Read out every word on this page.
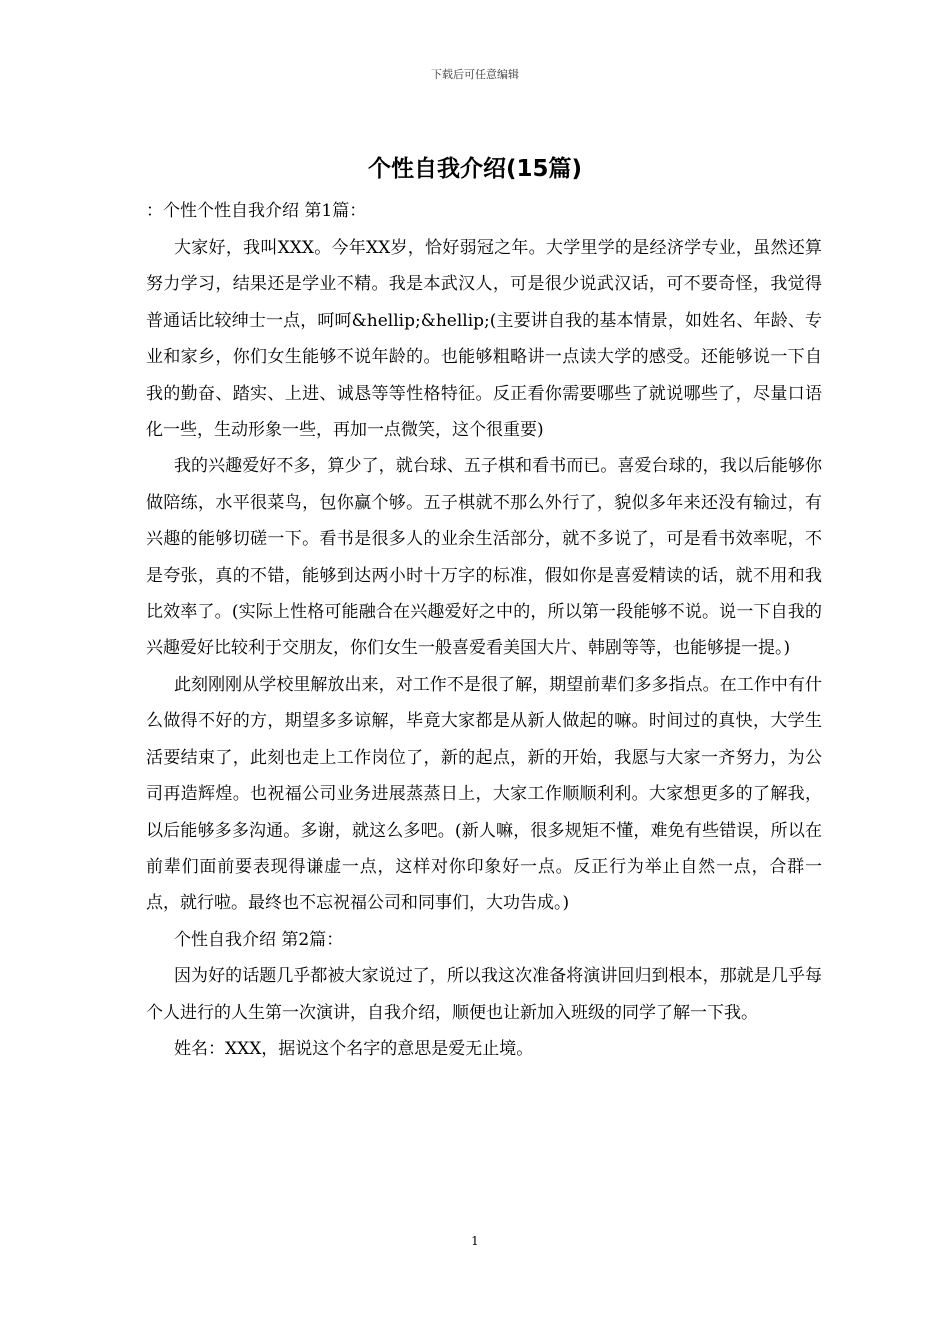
下载后可任意编辑
个性自我介绍(15篇)

：个性个性自我介绍 第1篇：

大家好，我叫XXX。今年XX岁，恰好弱冠之年。大学里学的是经济学专业，虽然还算努力学习，结果还是学业不精。我是本武汉人，可是很少说武汉话，可不要奇怪，我觉得普通话比较绅士一点，呵呵&hellip;&hellip;(主要讲自我的基本情景，如姓名、年龄、专业和家乡，你们女生能够不说年龄的。也能够粗略讲一点读大学的感受。还能够说一下自我的勤奋、踏实、上进、诚恳等等性格特征。反正看你需要哪些了就说哪些了，尽量口语化一些，生动形象一些，再加一点微笑，这个很重要)

我的兴趣爱好不多，算少了，就台球、五子棋和看书而已。喜爱台球的，我以后能够你做陪练，水平很菜鸟，包你赢个够。五子棋就不那么外行了，貌似多年来还没有输过，有兴趣的能够切磋一下。看书是很多人的业余生活部分，就不多说了，可是看书效率呢，不是夸张，真的不错，能够到达两小时十万字的标准，假如你是喜爱精读的话，就不用和我比效率了。(实际上性格可能融合在兴趣爱好之中的，所以第一段能够不说。说一下自我的兴趣爱好比较利于交朋友，你们女生一般喜爱看美国大片、韩剧等等，也能够提一提。)

此刻刚刚从学校里解放出来，对工作不是很了解，期望前辈们多多指点。在工作中有什么做得不好的方，期望多多谅解，毕竟大家都是从新人做起的嘛。时间过的真快，大学生活要结束了，此刻也走上工作岗位了，新的起点，新的开始，我愿与大家一齐努力，为公司再造辉煌。也祝福公司业务进展蒸蒸日上，大家工作顺顺利利。大家想更多的了解我，以后能够多多沟通。多谢，就这么多吧。(新人嘛，很多规矩不懂，难免有些错误，所以在前辈们面前要表现得谦虚一点，这样对你印象好一点。反正行为举止自然一点，合群一点，就行啦。最终也不忘祝福公司和同事们，大功告成。)

个性自我介绍 第2篇：

因为好的话题几乎都被大家说过了，所以我这次准备将演讲回归到根本，那就是几乎每个人进行的人生第一次演讲，自我介绍，顺便也让新加入班级的同学了解一下我。

姓名：XXX，据说这个名字的意思是爱无止境。

1
